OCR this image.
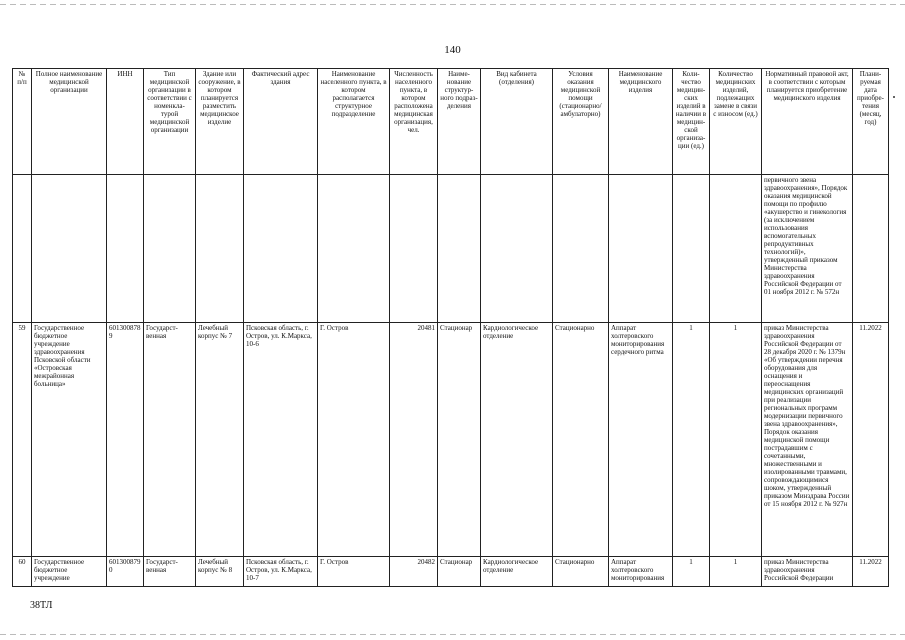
140
№ п/п	Полное наименование медицинской организации	ИНН	Тип медицинской организации в соответствии с номенкла-турой медицинской организации	Здание или сооружение, в котором планируется разместить медицинское изделие	Фактический адрес здания	Наименование населенного пункта, в котором располагается структурное подразделение	Численность населенного пункта, в котором расположена медицинская организация, чел.	Наиме-нование структур-ного подраз-деления	Вид кабинета (отделения)	Условия оказания медицинской помощи (стационарно/ амбулаторно)	Наименование медицинского изделия	Коли-чество медицин-ских изделий в наличии в медицин-ской организа-ции (ед.)	Количество медицинских изделий, подлежащих замене в связи с износом (ед.)	Нормативный правовой акт, в соответствии с которым планируется приобретение медицинского изделия	Плани-руемая дата приобре-тения (месяц, год)
														первичного звена здравоохранения», Порядок оказания медицинской помощи по профилю «акушерство и гинекология (за исключением использования вспомогательных репродуктивных технологий)», утвержденный приказом Министерства здравоохранения Российской Федерации от 01 ноября 2012 г. № 572н	
59	Государственное бюджетное учреждение здравоохранения Псковской области «Островская межрайонная больница»	6013008789	Государст-венная	Лечебный корпус № 7	Псковская область, г. Остров, ул. К.Маркса, 10-6	Г. Остров	20481	Стационар	Кардиологическое отделение	Стационарно	Аппарат холтеровского мониторирования сердечного ритма	1	1	приказ Министерства здравоохранения Российской Федерации от 28 декабря 2020 г. № 1379н «Об утверждении перечня оборудования для оснащения и переоснащения медицинских организаций при реализации региональных программ модернизации первичного звена здравоохранения», Порядок оказания медицинской помощи пострадавшим с сочетанными, множественными и изолированными травмами, сопровождающимися шоком, утвержденный приказом Минздрава России от 15 ноября 2012 г. № 927н	11.2022
60	Государственное бюджетное учреждение	6013008790	Государст-венная	Лечебный корпус № 8	Псковская область, г. Остров, ул. К.Маркса, 10-7	Г. Остров	20482	Стационар	Кардиологическое отделение	Стационарно	Аппарат холтеровского мониторирования	1	1	приказ Министерства здравоохранения Российской Федерации	11.2022
38ТЛ
